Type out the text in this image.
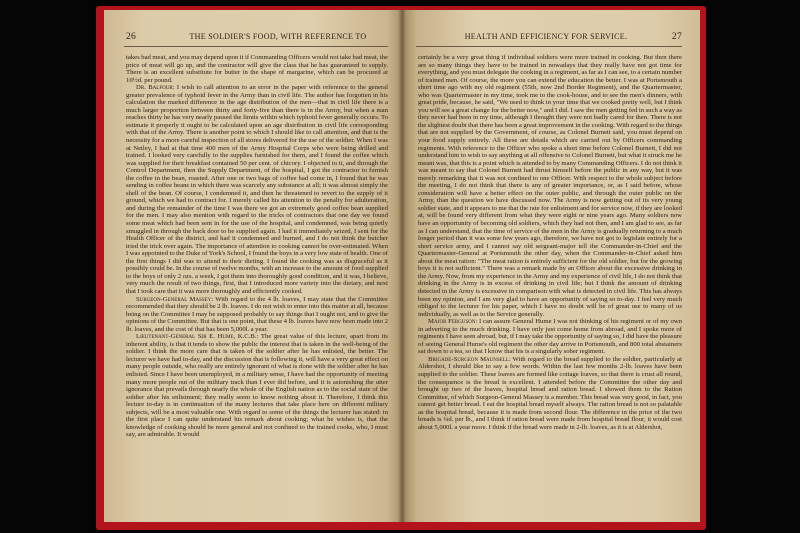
26	THE SOLDIER'S FOOD, WITH REFERENCE TO

takes bad meat, and you may depend upon it if Commanding Officers would not take bad meat, the price of meat will go up, and the contractor will give the class that he has guaranteed to supply. There is an excellent substitute for butter in the shape of margarine, which can be procured at 10½d. per pound.

Dr. Balfour: I wish to call attention to an error in the paper with reference to the general greater prevalence of typhoid fever in the Army than in civil life. The author has forgotten in his calculation the marked difference in the age distribution of the men—that in civil life there is a much larger proportion between thirty and forty-five than there is in the Army, but when a man reaches thirty he has very nearly passed the limits within which typhoid fever generally occurs. To estimate it properly it ought to be calculated upon an age distribution in civil life corresponding with that of the Army. There is another point to which I should like to call attention, and that is the necessity for a more careful inspection of all stores delivered for the use of the soldier. When I was at Netley, I had at that time 400 men of the Army Hospital Corps who were being drilled and trained. I looked very carefully to the supplies furnished for them, and I found the coffee which was supplied for their breakfast contained 50 per cent. of chicory. I objected to it, and through the Control Department, then the Supply Department, of the hospital, I got the contractor to furnish the coffee in the bean, roasted. After one or two bags of coffee had come in, I found that he was sending in coffee beans in which there was scarcely any substance at all; it was almost simply the shell of the bean. Of course, I condemned it, and then he threatened to revert to the supply of it ground, which we had to contract for. I merely called his attention to the penalty for adulteration, and during the remainder of the time I was there we got an extremely good coffee bean supplied for the men. I may also mention with regard to the tricks of contractors that one day we found some meat which had been sent in for the use of the hospital, and condemned, was being quietly smuggled in through the back door to be supplied again. I had it immediately seized, I sent for the Health Officer of the district, and had it condemned and burned, and I do not think the butcher tried the trick over again. The importance of attention to cooking cannot be over-estimated. When I was appointed to the Duke of York's School, I found the boys in a very low state of health. One of the first things I did was to attend to their dieting. I found the cooking was as disgraceful as it possibly could be. In the course of twelve months, with an increase to the amount of food supplied to the boys of only 2 ozs. a week, I got them into thoroughly good condition, and it was, I believe, very much the result of two things, first, that I introduced more variety into the dietary, and next that I took care that it was more thoroughly and efficiently cooked.

Surgeon-General Massey: With regard to the 4 lb. loaves, I may state that the Committee recommended that they should be 2 lb. loaves. I do not wish to enter into this matter at all, because being on the Committee I may be supposed probably to say things that I ought not, and to give the opinions of the Committee. But that is one point, that these 4 lb. loaves have now been made into 2 lb. loaves, and the cost of that has been 5,000l. a year.

Lieutenant-General Sir E. Hume, K.C.B.: The great value of this lecture, apart from its inherent ability, is that it tends to show the public the interest that is taken in the well-being of the soldier. I think the more care that is taken of the soldier after he has enlisted, the better. The lecturer we have had to-day, and the discussion that is following it, will have a very great effect on many people outside, who really are entirely ignorant of what is done with the soldier after he has enlisted. Since I have been unemployed, in a military sense, I have had the opportunity of meeting many more people out of the military track than I ever did before, and it is astonishing the utter ignorance that prevails through nearly the whole of the English nation as to the social state of the soldier after his enlistment; they really seem to know nothing about it. Therefore, I think this lecture to-day is in continuation of the many lectures that take place here on different military subjects, will be a most valuable one. With regard to some of the things the lecturer has stated: in the first place I can quite understand his remark about cooking; what he wishes is, that the knowledge of cooking should be more general and not confined to the trained cooks, who, I must say, are admirable. It would

HEALTH AND EFFICIENCY FOR SERVICE.	27

certainly be a very great thing if individual soldiers were more trained in cooking. But then there are so many things they have to be trained in nowadays that they really have not got time for everything, and you must delegate the cooking in a regiment, as far as I can see, to a certain number of trained men. Of course, the more you can extend the education the better. I was at Portsmouth a short time ago with my old regiment (55th, now 2nd Border Regiment), and the Quartermaster, who was Quartermaster in my time, took me to the cook-house, and to see the men's dinners, with great pride, because, he said, "We used to think in your time that we cooked pretty well, but I think you will see a great change for the better now," and I did. I saw the men getting fed in such a way as they never had been in my time, although I thought they were not badly cared for then. There is not the slightest doubt that there has been a great improvement in the cooking. With regard to the things that are not supplied by the Government, of course, as Colonel Burnett said, you must depend on your food supply entirely. All these are details which are carried out by Officers commanding regiments. With reference to the Officer who spoke a short time before Colonel Burnett, I did not understand him to wish to say anything at all offensive to Colonel Burnett, but what it struck me he meant was, that this is a point which is attended to by many Commanding Officers. I do not think it was meant to say that Colonel Burnett had thrust himself before the public in any way, but it was merely remarking that it was not confined to one Officer. With respect to the whole subject before the meeting, I do not think that there is any of greater importance, or, as I said before, whose consideration will have a better effect on the outer public, and through the outer public on the Army, than the question we have discussed now. The Army is now getting out of its very young soldier state, and it appears to me that the rate for enlistment and for service now, if they are looked at, will be found very different from what they were eight or nine years ago. Many soldiers now have an opportunity of becoming old soldiers, which they had not then, and I am glad to see, as far as I can understand, that the time of service of the men in the Army is gradually returning to a much longer period than it was some few years ago, therefore, we have not got to legislate entirely for a short service army, and I cannot say old sergeant-major tell the Commander-in-Chief and the Quartermaster-General at Portsmouth the other day, when the Commander-in-Chief asked him about the meat ration: "The meat ration is entirely sufficient for the old soldier, but for the growing boys it is not sufficient." There was a remark made by an Officer about the excessive drinking in the Army. Now, from my experience in the Army and my experience of civil life, I do not think that drinking in the Army is in excess of drinking in civil life; but I think the amount of drinking detected in the Army is excessive in comparison with what is detected in civil life. This has always been my opinion, and I am very glad to have an opportunity of saying so to-day. I feel very much obliged to the lecturer for his paper, which I have no doubt will be of great use to many of us individually, as well as to the Service generally.

Major Ferguson: I can assure General Hume I was not thinking of his regiment or of my own in adverting to the much drinking. I have only just come home from abroad, and I spoke more of regiments I have seen abroad, but, if I may take the opportunity of saying so, I did have the pleasure of seeing General Hume's old regiment the other day arrive in Portsmouth, and 800 total abstainers sat down to a tea, so that I know that his is a singularly sober regiment.

Brigade-Surgeon Maunsell: With regard to the bread supplied to the soldier, particularly at Aldershot, I should like to say a few words. Within the last few months 2-lb. loaves have been supplied to the soldier. These loaves are formed like cottage loaves, so that there is crust all round, the consequence is the bread is excellent. I attended before the Committee the other day and brought up two of the loaves, hospital bread and ration bread. I showed them to the Ration Committee, of which Surgeon-General Massey is a member. This bread was very good, in fact, you cannot get better bread. I eat the hospital bread myself always. The ration bread is not so palatable as the hospital bread, because it is made from second flour. The difference in the price of the two breads is ¼d. per lb., and I think if ration bread were made from hospital bread flour, it would cost about 5,000l. a year more. I think if the bread were made in 2-lb. loaves, as it is at Aldershot,
